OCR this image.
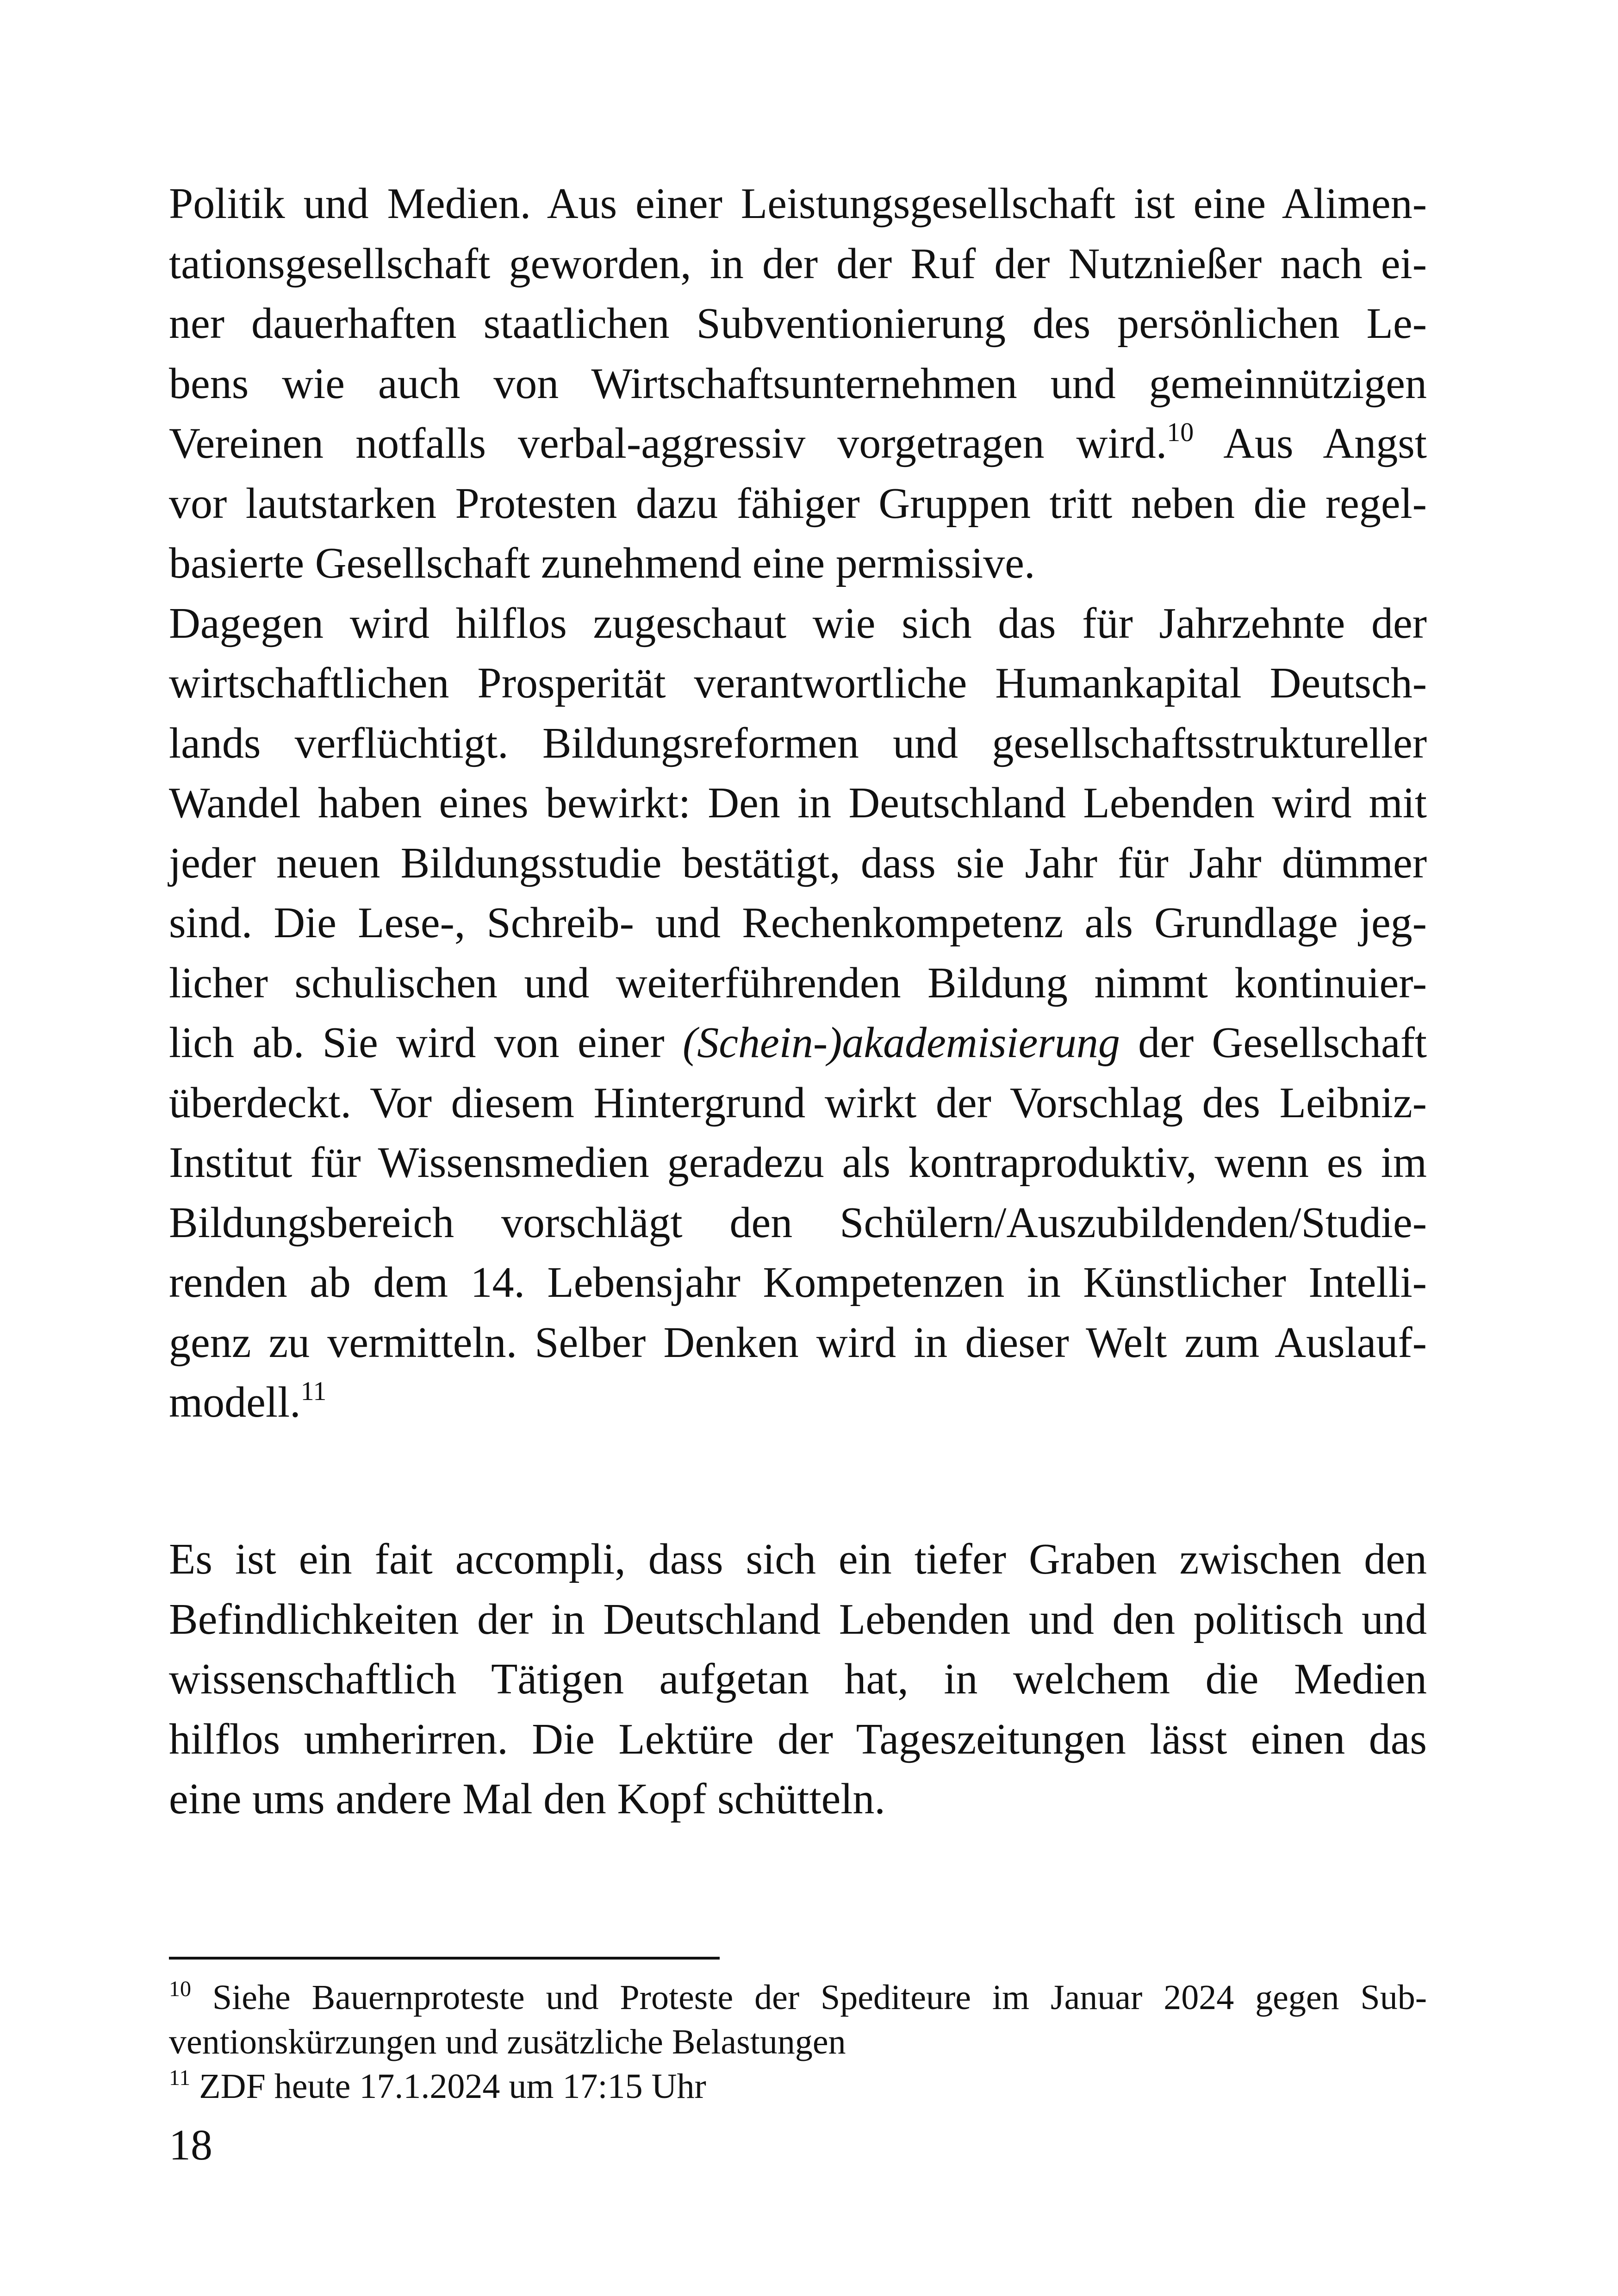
Politik und Medien. Aus einer Leistungsgesellschaft ist eine Alimen-
tationsgesellschaft geworden, in der der Ruf der Nutznießer nach ei-
ner dauerhaften staatlichen Subventionierung des persönlichen Le-
bens wie auch von Wirtschaftsunternehmen und gemeinnützigen
Vereinen notfalls verbal-aggressiv vorgetragen wird.$^{10}$ Aus Angst
vor lautstarken Protesten dazu fähiger Gruppen tritt neben die regel-
basierte Gesellschaft zunehmend eine permissive.
Dagegen wird hilflos zugeschaut wie sich das für Jahrzehnte der
wirtschaftlichen Prosperität verantwortliche Humankapital Deutsch-
lands verflüchtigt. Bildungsreformen und gesellschaftsstruktureller
Wandel haben eines bewirkt: Den in Deutschland Lebenden wird mit
jeder neuen Bildungsstudie bestätigt, dass sie Jahr für Jahr dümmer
sind. Die Lese-, Schreib- und Rechenkompetenz als Grundlage jeg-
licher schulischen und weiterführenden Bildung nimmt kontinuier-
lich ab. Sie wird von einer (Schein-)akademisierung der Gesellschaft
überdeckt. Vor diesem Hintergrund wirkt der Vorschlag des Leibniz-
Institut für Wissensmedien geradezu als kontraproduktiv, wenn es im
Bildungsbereich vorschlägt den Schülern/Auszubildenden/Studie-
renden ab dem 14. Lebensjahr Kompetenzen in Künstlicher Intelli-
genz zu vermitteln. Selber Denken wird in dieser Welt zum Auslauf-
modell.$^{11}$
Es ist ein fait accompli, dass sich ein tiefer Graben zwischen den
Befindlichkeiten der in Deutschland Lebenden und den politisch und
wissenschaftlich Tätigen aufgetan hat, in welchem die Medien
hilflos umherirren. Die Lektüre der Tageszeitungen lässt einen das
eine ums andere Mal den Kopf schütteln.
$^{10}$ Siehe Bauernproteste und Proteste der Spediteure im Januar 2024 gegen Sub-
ventionskürzungen und zusätzliche Belastungen
$^{11}$ ZDF heute 17.1.2024 um 17:15 Uhr
18
